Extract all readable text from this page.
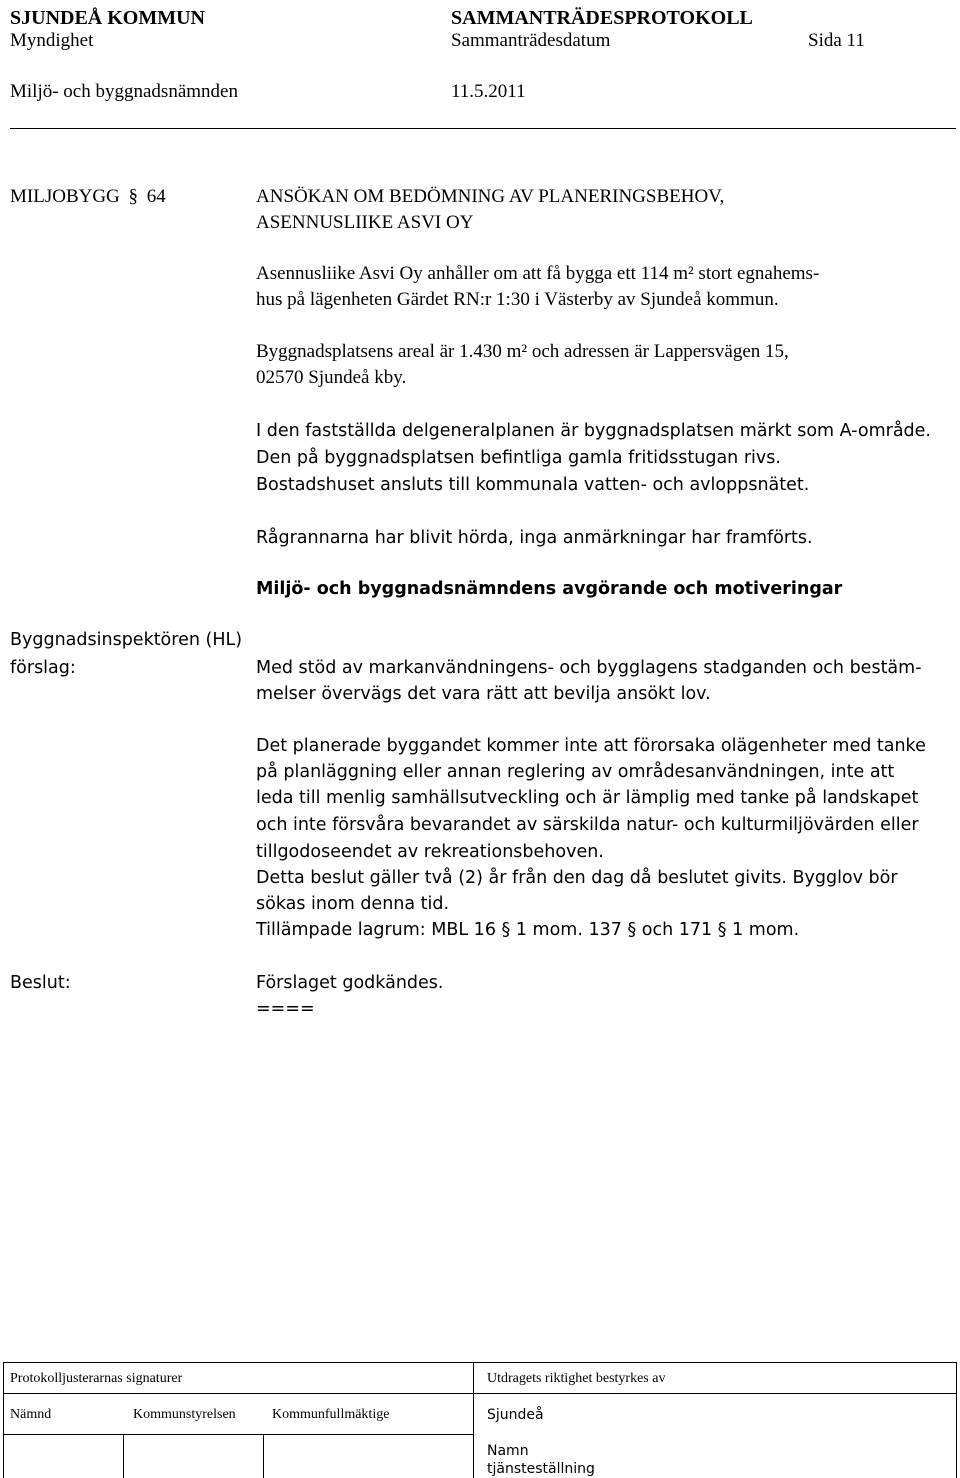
SJUNDEÅ KOMMUN	SAMMANTRÄDESPROTOKOLL
Myndighet	Sammanträdesdatum	Sida 11
Miljö- och byggnadsnämnden	11.5.2011
MILJOBYGG § 64	ANSÖKAN OM BEDÖMNING AV PLANERINGSBEHOV,
ASENNUSLIIKE ASVI OY
Asennusliike Asvi Oy anhåller om att få bygga ett 114 m² stort egnahems-
hus på lägenheten Gärdet RN:r 1:30 i Västerby av Sjundeå kommun.
Byggnadsplatsens areal är 1.430 m² och adressen är Lappersvägen 15,
02570 Sjundeå kby.
I den fastställda delgeneralplanen är byggnadsplatsen märkt som A-område.
Den på byggnadsplatsen befintliga gamla fritidsstugan rivs.
Bostadshuset ansluts till kommunala vatten- och avloppsnätet.
Rågrannarna har blivit hörda, inga anmärkningar har framförts.
Miljö- och byggnadsnämndens avgörande och motiveringar
Byggnadsinspektören (HL)
förslag:	Med stöd av markanvändningens- och bygglagens stadganden och bestäm-
melser övervägs det vara rätt att bevilja ansökt lov.
Det planerade byggandet kommer inte att förorsaka olägenheter med tanke
på planläggning eller annan reglering av områdesanvändningen, inte att
leda till menlig samhällsutveckling och är lämplig med tanke på landskapet
och inte försvåra bevarandet av särskilda natur- och kulturmiljövärden eller
tillgodoseendet av rekreationsbehoven.
Detta beslut gäller två (2) år från den dag då beslutet givits. Bygglov bör
sökas inom denna tid.
Tillämpade lagrum: MBL 16 § 1 mom. 137 § och 171 § 1 mom.
Beslut:	Förslaget godkändes.
====
Protokolljusterarnas signaturer	Utdragets riktighet bestyrkes av
Nämnd	Kommunstyrelsen	Kommunfullmäktige	Sjundeå
Namn
tjänsteställning
